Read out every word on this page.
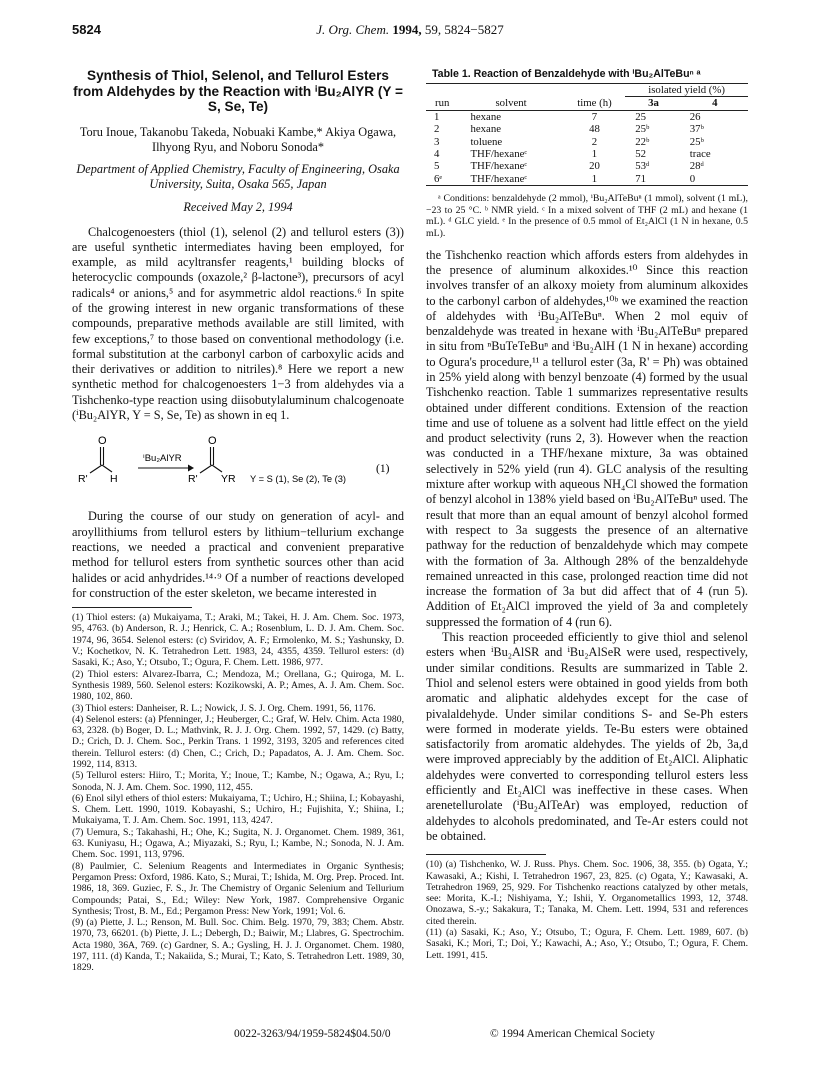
5824	J. Org. Chem. 1994, 59, 5824−5827
Synthesis of Thiol, Selenol, and Tellurol Esters from Aldehydes by the Reaction with ⁱBu₂AlYR (Y = S, Se, Te)
Toru Inoue, Takanobu Takeda, Nobuaki Kambe,* Akiya Ogawa, Ilhyong Ryu, and Noboru Sonoda*
Department of Applied Chemistry, Faculty of Engineering, Osaka University, Suita, Osaka 565, Japan
Received May 2, 1994

Chalcogenoesters (thiol (1), selenol (2) and tellurol esters (3)) are useful synthetic intermediates having been employed, for example, as mild acyltransfer reagents,¹ building blocks of heterocyclic compounds (oxazole,² β-lactone³), precursors of acyl radicals⁴ or anions,⁵ and for asymmetric aldol reactions.⁶ In spite of the growing interest in new organic transformations of these compounds, preparative methods available are still limited, with few exceptions,⁷ to those based on conventional methodology (i.e. formal substitution at the carbonyl carbon of carboxylic acids and their derivatives or addition to nitriles).⁸ Here we report a new synthetic method for chalcogenoesters 1−3 from aldehydes via a Tishchenko-type reaction using diisobutylaluminum chalcogenoate (ⁱBu₂AlYR, Y = S, Se, Te) as shown in eq 1.

O
R' H
ⁱBu₂AlYR
O
R' YR Y = S (1), Se (2), Te (3)
(1)

During the course of our study on generation of acyl- and aroyllithiums from tellurol esters by lithium−tellurium exchange reactions, we needed a practical and convenient preparative method for tellurol esters from synthetic sources other than acid halides or acid anhydrides.¹⁴·⁹ Of a number of reactions developed for construction of the ester skeleton, we became interested in

(1) Thiol esters: (a) Mukaiyama, T.; Araki, M.; Takei, H. J. Am. Chem. Soc. 1973, 95, 4763. (b) Anderson, R. J.; Henrick, C. A.; Rosenblum, L. D. J. Am. Chem. Soc. 1974, 96, 3654. Selenol esters: (c) Sviridov, A. F.; Ermolenko, M. S.; Yashunsky, D. V.; Kochetkov, N. K. Tetrahedron Lett. 1983, 24, 4355, 4359. Tellurol esters: (d) Sasaki, K.; Aso, Y.; Otsubo, T.; Ogura, F. Chem. Lett. 1986, 977.
(2) Thiol esters: Alvarez-Ibarra, C.; Mendoza, M.; Orellana, G.; Quiroga, M. L. Synthesis 1989, 560. Selenol esters: Kozikowski, A. P.; Ames, A. J. Am. Chem. Soc. 1980, 102, 860.
(3) Thiol esters: Danheiser, R. L.; Nowick, J. S. J. Org. Chem. 1991, 56, 1176.
(4) Selenol esters: (a) Pfenninger, J.; Heuberger, C.; Graf, W. Helv. Chim. Acta 1980, 63, 2328. (b) Boger, D. L.; Mathvink, R. J. J. Org. Chem. 1992, 57, 1429. (c) Batty, D.; Crich, D. J. Chem. Soc., Perkin Trans. 1 1992, 3193, 3205 and references cited therein. Tellurol esters: (d) Chen, C.; Crich, D.; Papadatos, A. J. Am. Chem. Soc. 1992, 114, 8313.
(5) Tellurol esters: Hiiro, T.; Morita, Y.; Inoue, T.; Kambe, N.; Ogawa, A.; Ryu, I.; Sonoda, N. J. Am. Chem. Soc. 1990, 112, 455.
(6) Enol silyl ethers of thiol esters: Mukaiyama, T.; Uchiro, H.; Shiina, I.; Kobayashi, S. Chem. Lett. 1990, 1019. Kobayashi, S.; Uchiro, H.; Fujishita, Y.; Shiina, I.; Mukaiyama, T. J. Am. Chem. Soc. 1991, 113, 4247.
(7) Uemura, S.; Takahashi, H.; Ohe, K.; Sugita, N. J. Organomet. Chem. 1989, 361, 63. Kuniyasu, H.; Ogawa, A.; Miyazaki, S.; Ryu, I.; Kambe, N.; Sonoda, N. J. Am. Chem. Soc. 1991, 113, 9796.
(8) Paulmier, C. Selenium Reagents and Intermediates in Organic Synthesis; Pergamon Press: Oxford, 1986. Kato, S.; Murai, T.; Ishida, M. Org. Prep. Proced. Int. 1986, 18, 369. Guziec, F. S., Jr. The Chemistry of Organic Selenium and Tellurium Compounds; Patai, S., Ed.; Wiley: New York, 1987. Comprehensive Organic Synthesis; Trost, B. M., Ed.; Pergamon Press: New York, 1991; Vol. 6.
(9) (a) Piette, J. L.; Renson, M. Bull. Soc. Chim. Belg. 1970, 79, 383; Chem. Abstr. 1970, 73, 66201. (b) Piette, J. L.; Debergh, D.; Baiwir, M.; Llabres, G. Spectrochim. Acta 1980, 36A, 769. (c) Gardner, S. A.; Gysling, H. J. J. Organomet. Chem. 1980, 197, 111. (d) Kanda, T.; Nakaiida, S.; Murai, T.; Kato, S. Tetrahedron Lett. 1989, 30, 1829.
Table 1. Reaction of Benzaldehyde with ⁱBu₂AlTeBuⁿ ᵃ
			isolated yield (%)	
run	solvent	time (h)	3a	4
1	hexane	7	25	26
2	hexane	48	25ᵇ	37ᵇ
3	toluene	2	22ᵇ	25ᵇ
4	THF/hexaneᶜ	1	52	trace
5	THF/hexaneᶜ	20	53ᵈ	28ᵈ
6ᵉ	THF/hexaneᶜ	1	71	0
ᵃ Conditions: benzaldehyde (2 mmol), ⁱBu₂AlTeBuⁿ (1 mmol), solvent (1 mL), −23 to 25 °C. ᵇ NMR yield. ᶜ In a mixed solvent of THF (2 mL) and hexane (1 mL). ᵈ GLC yield. ᵉ In the presence of 0.5 mmol of Et₂AlCl (1 N in hexane, 0.5 mL).

the Tishchenko reaction which affords esters from aldehydes in the presence of aluminum alkoxides.¹⁰ Since this reaction involves transfer of an alkoxy moiety from aluminum alkoxides to the carbonyl carbon of aldehydes,¹⁰ᵇ we examined the reaction of aldehydes with ⁱBu₂AlTeBuⁿ. When 2 mol equiv of benzaldehyde was treated in hexane with ⁱBu₂AlTeBuⁿ prepared in situ from ⁿBuTeTeBuⁿ and ⁱBu₂AlH (1 N in hexane) according to Ogura's procedure,¹¹ a tellurol ester (3a, R' = Ph) was obtained in 25% yield along with benzyl benzoate (4) formed by the usual Tishchenko reaction. Table 1 summarizes representative results obtained under different conditions. Extension of the reaction time and use of toluene as a solvent had little effect on the yield and product selectivity (runs 2, 3). However when the reaction was conducted in a THF/hexane mixture, 3a was obtained selectively in 52% yield (run 4). GLC analysis of the resulting mixture after workup with aqueous NH₄Cl showed the formation of benzyl alcohol in 138% yield based on ⁱBu₂AlTeBuⁿ used. The result that more than an equal amount of benzyl alcohol formed with respect to 3a suggests the presence of an alternative pathway for the reduction of benzaldehyde which may compete with the formation of 3a. Although 28% of the benzaldehyde remained unreacted in this case, prolonged reaction time did not increase the formation of 3a but did affect that of 4 (run 5). Addition of Et₂AlCl improved the yield of 3a and completely suppressed the formation of 4 (run 6).

This reaction proceeded efficiently to give thiol and selenol esters when ⁱBu₂AlSR and ⁱBu₂AlSeR were used, respectively, under similar conditions. Results are summarized in Table 2. Thiol and selenol esters were obtained in good yields from both aromatic and aliphatic aldehydes except for the case of pivalaldehyde. Under similar conditions S- and Se-Ph esters were formed in moderate yields. Te-Bu esters were obtained satisfactorily from aromatic aldehydes. The yields of 2b, 3a,d were improved appreciably by the addition of Et₂AlCl. Aliphatic aldehydes were converted to corresponding tellurol esters less efficiently and Et₂AlCl was ineffective in these cases. When arenetellurolate (ⁱBu₂AlTeAr) was employed, reduction of aldehydes to alcohols predominated, and Te-Ar esters could not be obtained.

(10) (a) Tishchenko, W. J. Russ. Phys. Chem. Soc. 1906, 38, 355. (b) Ogata, Y.; Kawasaki, A.; Kishi, I. Tetrahedron 1967, 23, 825. (c) Ogata, Y.; Kawasaki, A. Tetrahedron 1969, 25, 929. For Tishchenko reactions catalyzed by other metals, see: Morita, K.-I.; Nishiyama, Y.; Ishii, Y. Organometallics 1993, 12, 3748. Onozawa, S.-y.; Sakakura, T.; Tanaka, M. Chem. Lett. 1994, 531 and references cited therein.
(11) (a) Sasaki, K.; Aso, Y.; Otsubo, T.; Ogura, F. Chem. Lett. 1989, 607. (b) Sasaki, K.; Mori, T.; Doi, Y.; Kawachi, A.; Aso, Y.; Otsubo, T.; Ogura, F. Chem. Lett. 1991, 415.
0022-3263/94/1959-5824$04.50/0	© 1994 American Chemical Society
